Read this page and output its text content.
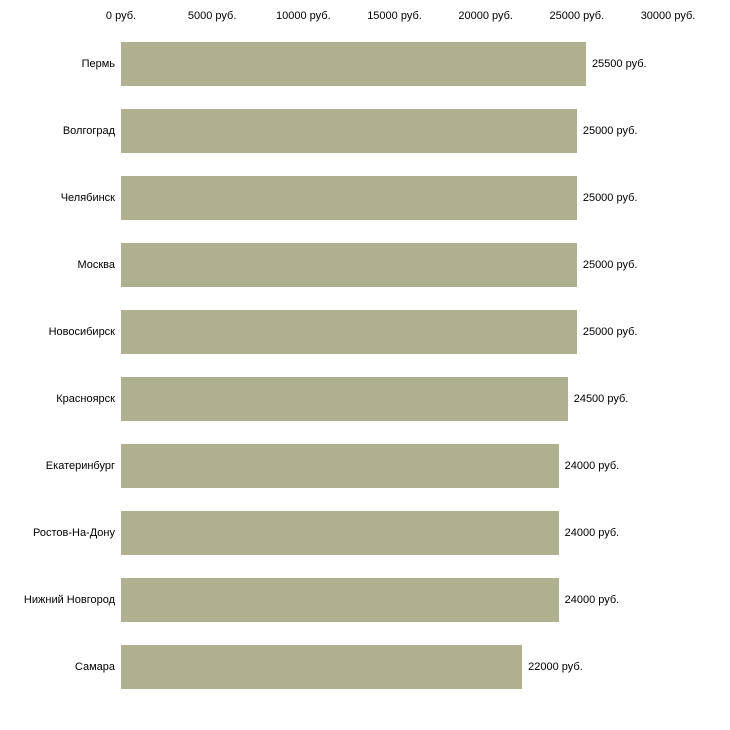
0 руб.	5000 руб.	10000 руб.	15000 руб.	20000 руб.	25000 руб.	30000 руб.
Пермь
Волгоград
Челябинск
Москва
Новосибирск
Красноярск
Екатеринбург
Ростов-На-Дону
Нижний Новгород
Самара
25500 руб.
25000 руб.
25000 руб.
25000 руб.
25000 руб.
24500 руб.
24000 руб.
24000 руб.
24000 руб.
22000 руб.
